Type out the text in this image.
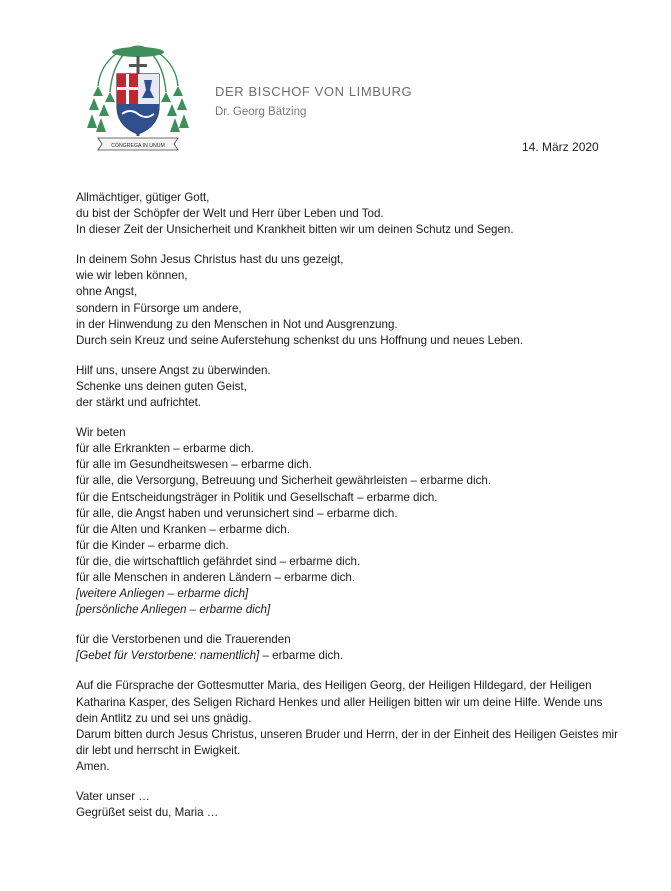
CONGREGA IN UNUM
DER BISCHOF VON LIMBURG
Dr. Georg Bätzing
14. März 2020
Allmächtiger, gütiger Gott,
du bist der Schöpfer der Welt und Herr über Leben und Tod.
In dieser Zeit der Unsicherheit und Krankheit bitten wir um deinen Schutz und Segen.
In deinem Sohn Jesus Christus hast du uns gezeigt,
wie wir leben können,
ohne Angst,
sondern in Fürsorge um andere,
in der Hinwendung zu den Menschen in Not und Ausgrenzung.
Durch sein Kreuz und seine Auferstehung schenkst du uns Hoffnung und neues Leben.
Hilf uns, unsere Angst zu überwinden.
Schenke uns deinen guten Geist,
der stärkt und aufrichtet.
Wir beten
für alle Erkrankten – erbarme dich.
für alle im Gesundheitswesen – erbarme dich.
für alle, die Versorgung, Betreuung und Sicherheit gewährleisten – erbarme dich.
für die Entscheidungsträger in Politik und Gesellschaft – erbarme dich.
für alle, die Angst haben und verunsichert sind – erbarme dich.
für die Alten und Kranken – erbarme dich.
für die Kinder – erbarme dich.
für die, die wirtschaftlich gefährdet sind – erbarme dich.
für alle Menschen in anderen Ländern – erbarme dich.
[weitere Anliegen – erbarme dich]
[persönliche Anliegen – erbarme dich]
für die Verstorbenen und die Trauerenden
[Gebet für Verstorbene: namentlich] – erbarme dich.
Auf die Fürsprache der Gottesmutter Maria, des Heiligen Georg, der Heiligen Hildegard, der Heiligen Katharina Kasper, des Seligen Richard Henkes und aller Heiligen bitten wir um deine Hilfe. Wende uns dein Antlitz zu und sei uns gnädig.
Darum bitten durch Jesus Christus, unseren Bruder und Herrn, der in der Einheit des Heiligen Geistes mir dir lebt und herrscht in Ewigkeit.
Amen.
Vater unser …
Gegrüßet seist du, Maria …
